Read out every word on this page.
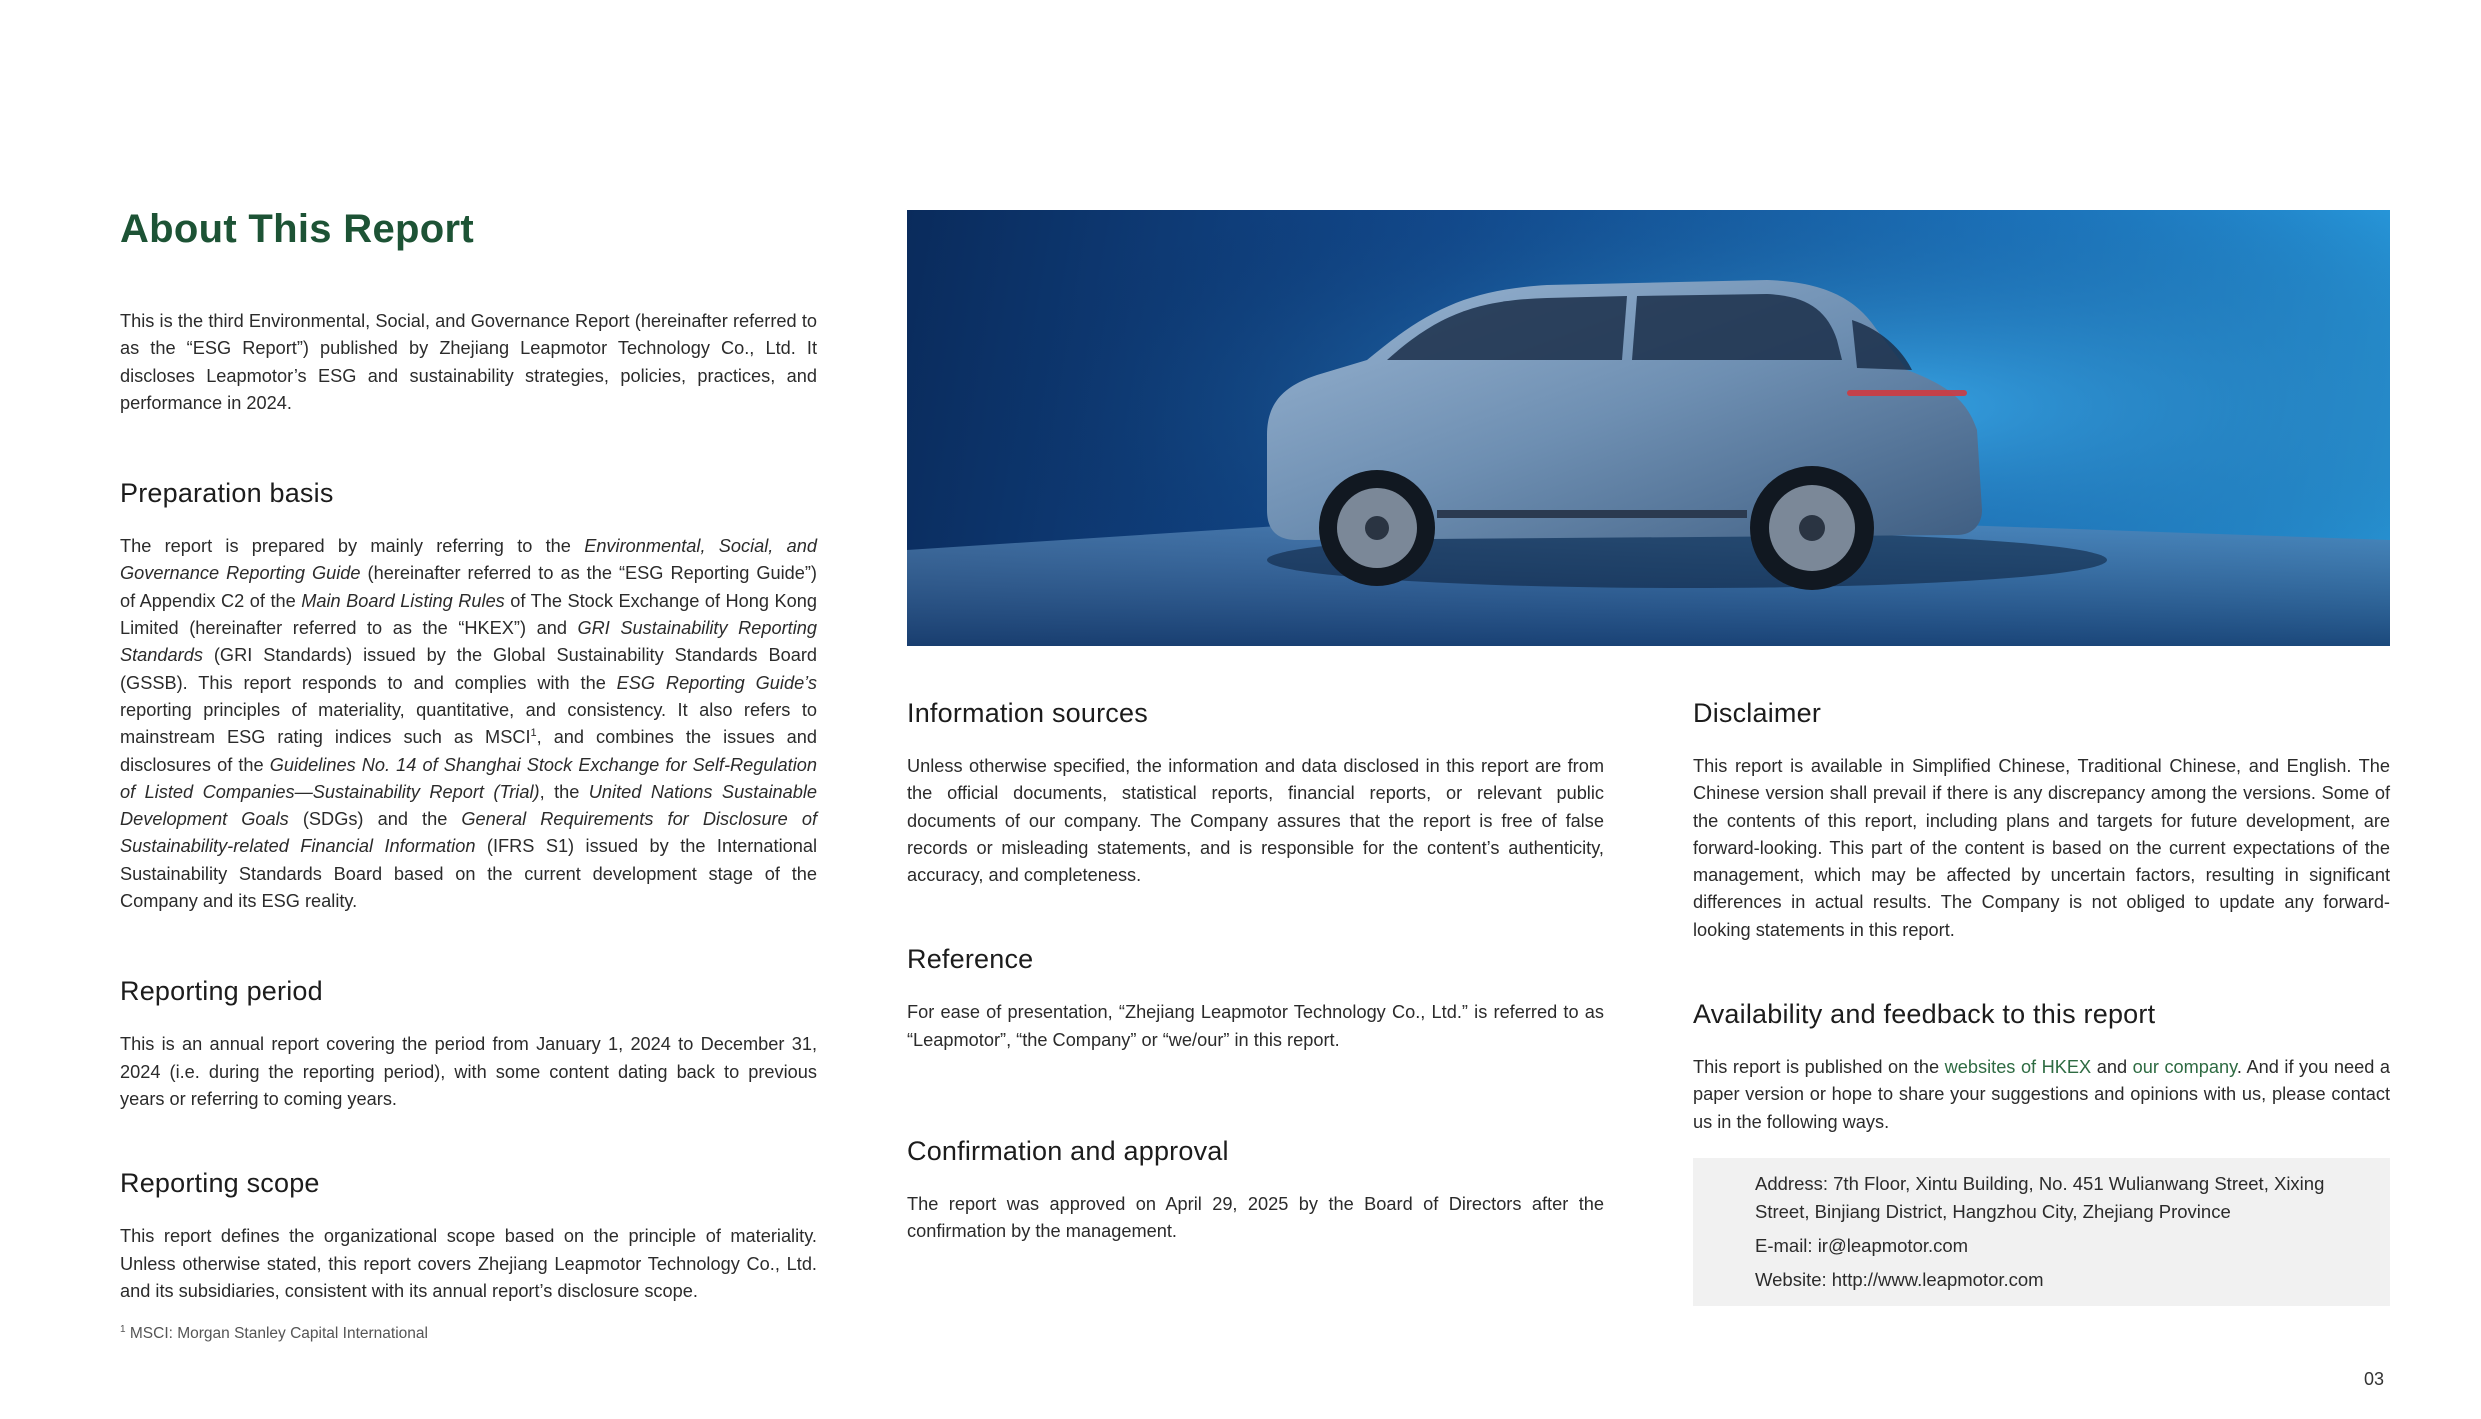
About This Report

This is the third Environmental, Social, and Governance Report (hereinafter referred to as the “ESG Report”) published by Zhejiang Leapmotor Technology Co., Ltd. It discloses Leapmotor’s ESG and sustainability strategies, policies, practices, and performance in 2024.

Preparation basis

The report is prepared by mainly referring to the Environmental, Social, and Governance Reporting Guide (hereinafter referred to as the “ESG Reporting Guide”) of Appendix C2 of the Main Board Listing Rules of The Stock Exchange of Hong Kong Limited (hereinafter referred to as the “HKEX”) and GRI Sustainability Reporting Standards (GRI Standards) issued by the Global Sustainability Standards Board (GSSB). This report responds to and complies with the ESG Reporting Guide’s reporting principles of materiality, quantitative, and consistency. It also refers to mainstream ESG rating indices such as MSCI$^1$, and combines the issues and disclosures of the Guidelines No. 14 of Shanghai Stock Exchange for Self-Regulation of Listed Companies—Sustainability Report (Trial), the United Nations Sustainable Development Goals (SDGs) and the General Requirements for Disclosure of Sustainability-related Financial Information (IFRS S1) issued by the International Sustainability Standards Board based on the current development stage of the Company and its ESG reality.

Reporting period

This is an annual report covering the period from January 1, 2024 to December 31, 2024 (i.e. during the reporting period), with some content dating back to previous years or referring to coming years.

Reporting scope

This report defines the organizational scope based on the principle of materiality. Unless otherwise stated, this report covers Zhejiang Leapmotor Technology Co., Ltd. and its subsidiaries, consistent with its annual report’s disclosure scope.

Information sources

Unless otherwise specified, the information and data disclosed in this report are from the official documents, statistical reports, financial reports, or relevant public documents of our company. The Company assures that the report is free of false records or misleading statements, and is responsible for the content’s authenticity, accuracy, and completeness.

Reference

For ease of presentation, “Zhejiang Leapmotor Technology Co., Ltd.” is referred to as “Leapmotor”, “the Company” or “we/our” in this report.

Confirmation and approval

The report was approved on April 29, 2025 by the Board of Directors after the confirmation by the management.

Disclaimer

This report is available in Simplified Chinese, Traditional Chinese, and English. The Chinese version shall prevail if there is any discrepancy among the versions. Some of the contents of this report, including plans and targets for future development, are forward-looking. This part of the content is based on the current expectations of the management, which may be affected by uncertain factors, resulting in significant differences in actual results. The Company is not obliged to update any forward-looking statements in this report.

Availability and feedback to this report

This report is published on the websites of HKEX and our company. And if you need a paper version or hope to share your suggestions and opinions with us, please contact us in the following ways.

Address: 7th Floor, Xintu Building, No. 451 Wulianwang Street, Xixing Street, Binjiang District, Hangzhou City, Zhejiang Province

E-mail: ir@leapmotor.com

Website: http://www.leapmotor.com

$^1$ MSCI: Morgan Stanley Capital International
03
